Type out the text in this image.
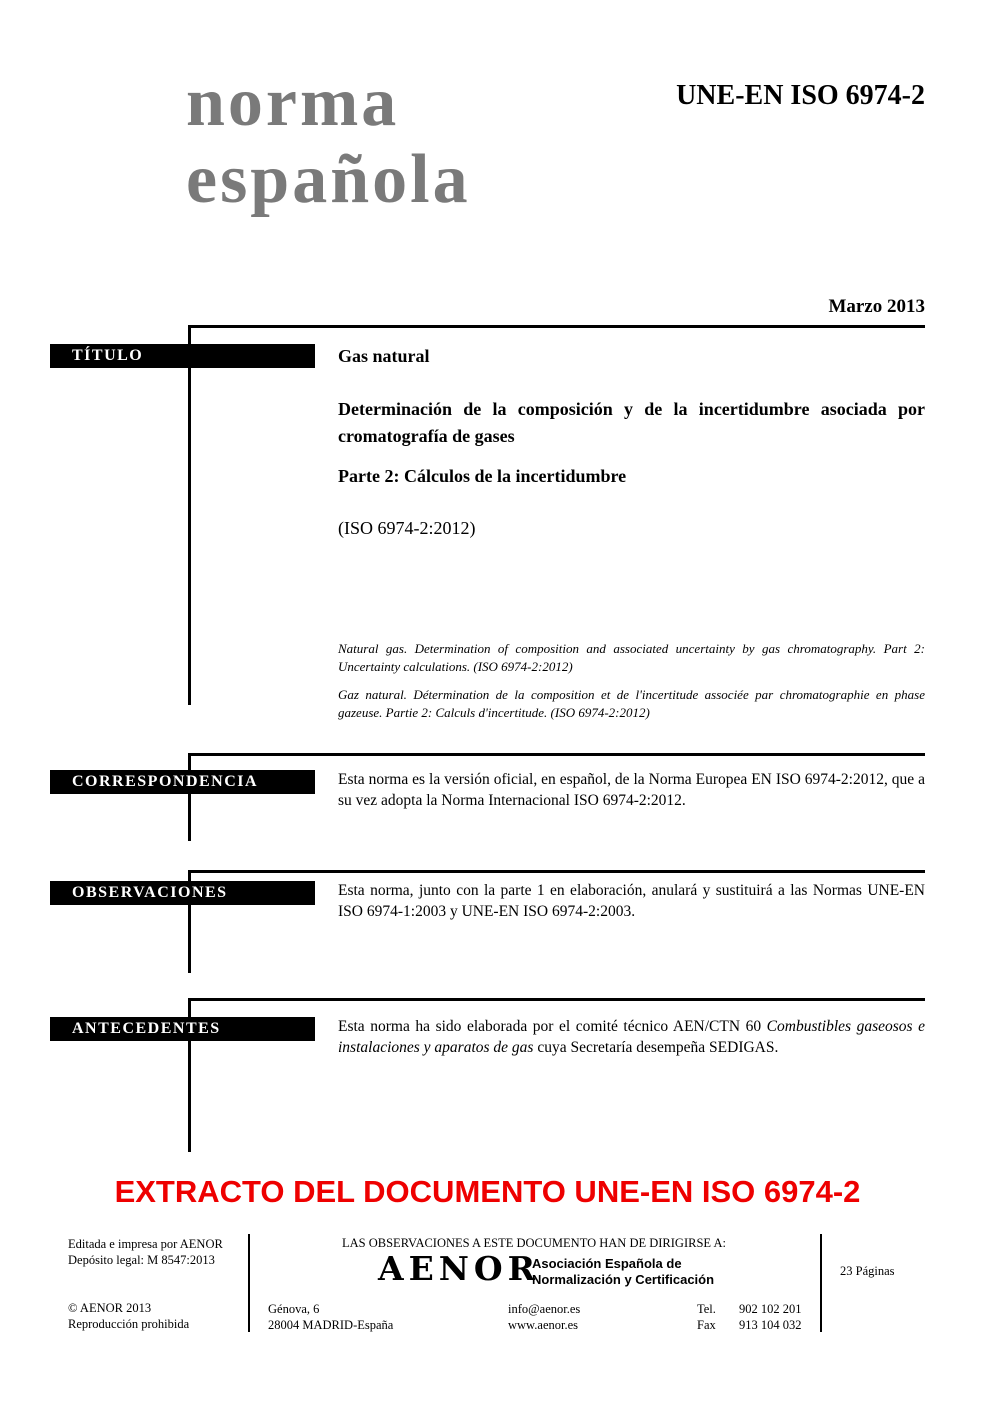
norma
española
UNE-EN ISO 6974-2
Marzo 2013
TÍTULO
CORRESPONDENCIA
OBSERVACIONES
ANTECEDENTES

Gas natural

Determinación de la composición y de la incertidumbre asociada por cromatografía de gases

Parte 2: Cálculos de la incertidumbre

(ISO 6974-2:2012)

Natural gas. Determination of composition and associated uncertainty by gas chromatography. Part 2: Uncertainty calculations. (ISO 6974-2:2012)

Gaz natural. Détermination de la composition et de l'incertitude associée par chromatographie en phase gazeuse. Partie 2: Calculs d'incertitude. (ISO 6974-2:2012)

Esta norma es la versión oficial, en español, de la Norma Europea EN ISO 6974-2:2012, que a su vez adopta la Norma Internacional ISO 6974-2:2012.

Esta norma, junto con la parte 1 en elaboración, anulará y sustituirá a las Normas UNE-EN ISO 6974-1:2003 y UNE-EN ISO 6974-2:2003.

Esta norma ha sido elaborada por el comité técnico AEN/CTN 60 Combustibles gaseosos e instalaciones y aparatos de gas cuya Secretaría desempeña SEDIGAS.

EXTRACTO DEL DOCUMENTO UNE-EN ISO 6974-2
Editada e impresa por AENOR
Depósito legal: M 8547:2013
© AENOR 2013
Reproducción prohibida
LAS OBSERVACIONES A ESTE DOCUMENTO HAN DE DIRIGIRSE A:
AENOR
Asociación Española de
Normalización y Certificación
Génova, 6
28004 MADRID-España
info@aenor.es
www.aenor.es
Tel. 902 102 201
Fax 913 104 032
23 Páginas
